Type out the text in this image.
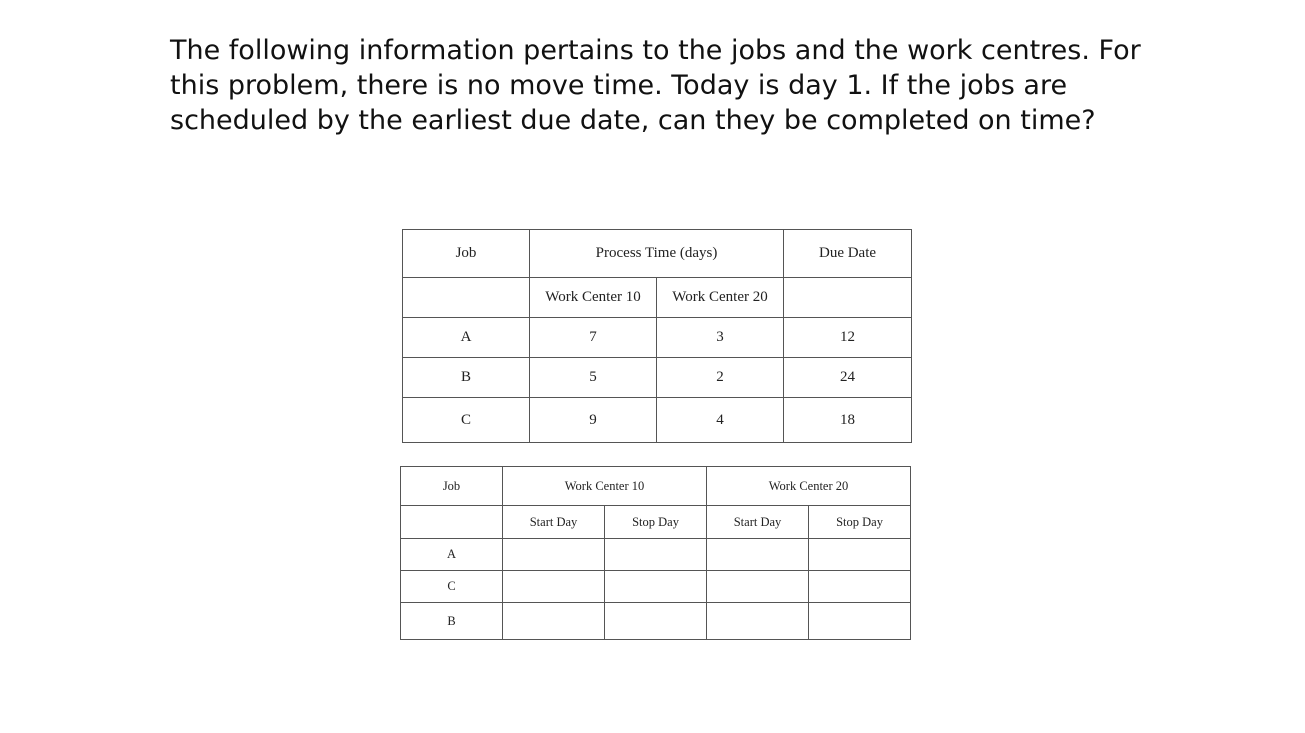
The following information pertains to the jobs and the work centres. For this problem, there is no move time. Today is day 1. If the jobs are scheduled by the earliest due date, can they be completed on time?

Job	Process Time (days)		Due Date
	Work Center 10	Work Center 20	
A	7	3	12
B	5	2	24
C	9	4	18
Job	Work Center 10		Work Center 20	
	Start Day	Stop Day	Start Day	Stop Day
A				
C				
B				
